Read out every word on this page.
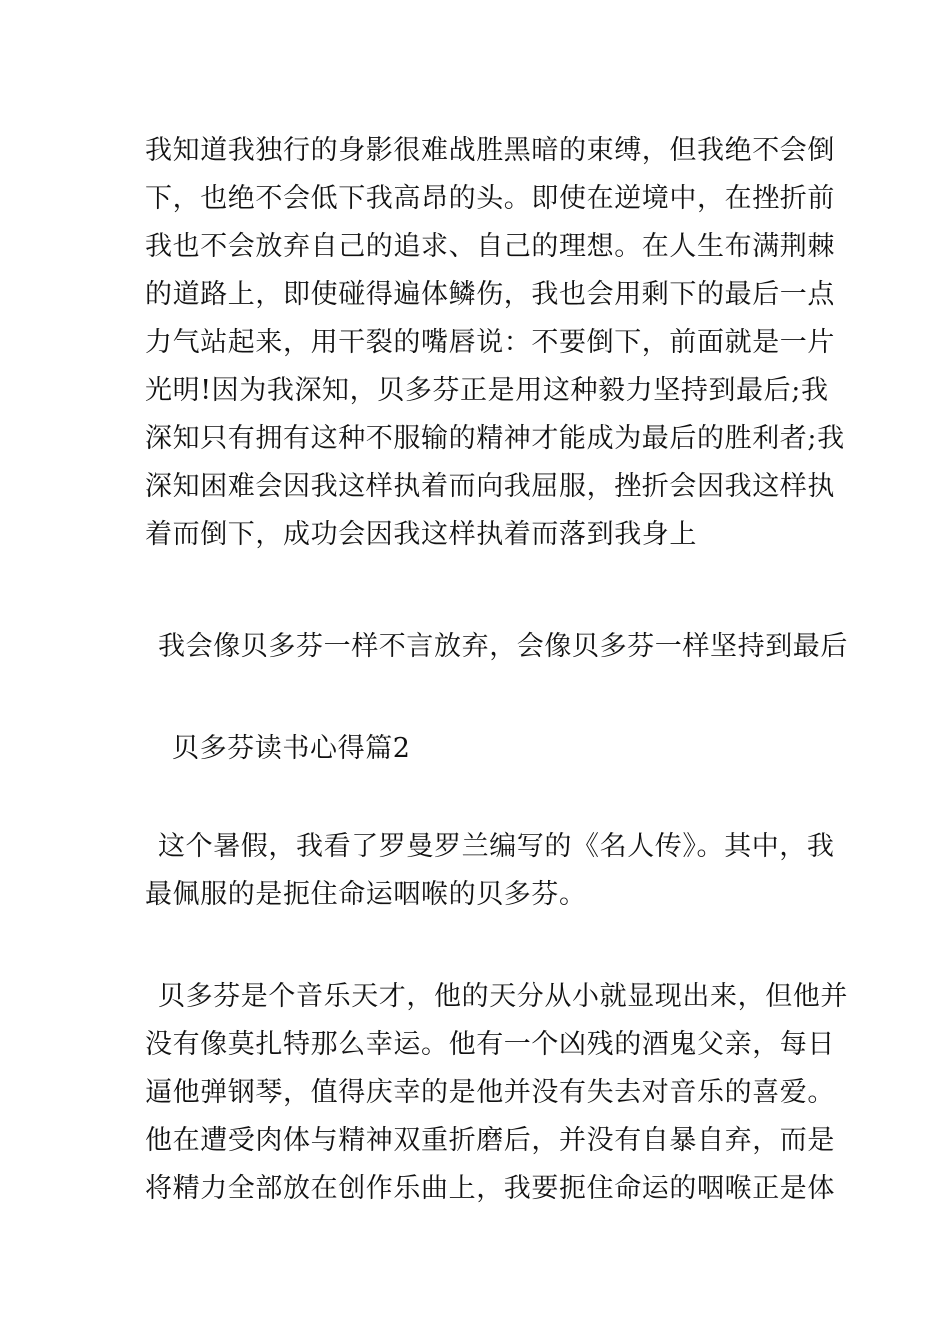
我知道我独行的身影很难战胜黑暗的束缚，但我绝不会倒

下，也绝不会低下我高昂的头。即使在逆境中，在挫折前

我也不会放弃自己的追求、自己的理想。在人生布满荆棘

的道路上，即使碰得遍体鳞伤，我也会用剩下的最后一点

力气站起来，用干裂的嘴唇说：不要倒下，前面就是一片

光明!因为我深知，贝多芬正是用这种毅力坚持到最后;我

深知只有拥有这种不服输的精神才能成为最后的胜利者;我

深知困难会因我这样执着而向我屈服，挫折会因我这样执

着而倒下，成功会因我这样执着而落到我身上

我会像贝多芬一样不言放弃，会像贝多芬一样坚持到最后

贝多芬读书心得篇2

这个暑假，我看了罗曼罗兰编写的《名人传》。其中，我

最佩服的是扼住命运咽喉的贝多芬。

贝多芬是个音乐天才，他的天分从小就显现出来，但他并

没有像莫扎特那么幸运。他有一个凶残的酒鬼父亲，每日

逼他弹钢琴，值得庆幸的是他并没有失去对音乐的喜爱。

他在遭受肉体与精神双重折磨后，并没有自暴自弃，而是

将精力全部放在创作乐曲上，我要扼住命运的咽喉正是体
